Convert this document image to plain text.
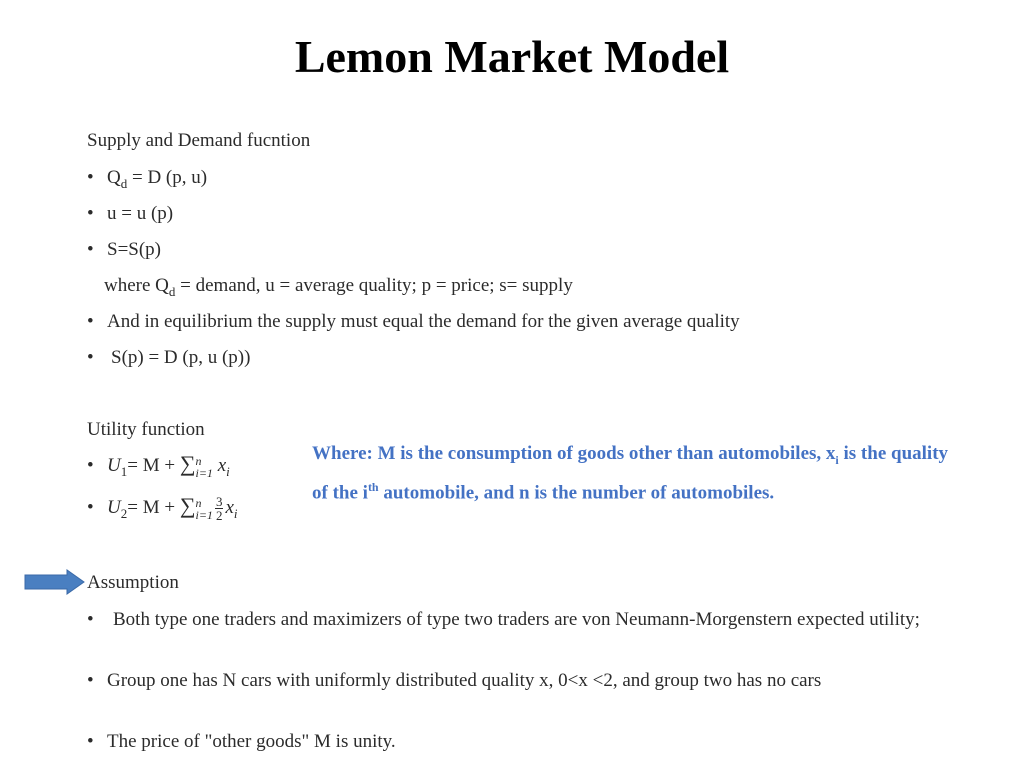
Lemon Market Model
Supply and Demand fucntion
• $Q_d = D$ (p, u)
• u = u (p)
• S=S(p)
where $Q_d$ = demand, u = average quality; p = price; s= supply
• And in equilibrium the supply must equal the demand for the given average quality
• S(p) = D (p, u (p))
Utility function
• $U_1= M$ + ∑ n
i=1 $x_i$
• $U_2= M$ + ∑ n
$i=1 \frac{3}{2} x_i$
Where: M is the consumption of goods other than automobiles, $x_i$ is the quality of the $i^{th}$ automobile, and n is the number of automobiles.
Assumption
•	Both type one traders and maximizers of type two traders are von Neumann-Morgenstern expected utility;
• Group one has N cars with uniformly distributed quality x, 0<x <2, and group two has no cars
• The price of "other goods" M is unity.
